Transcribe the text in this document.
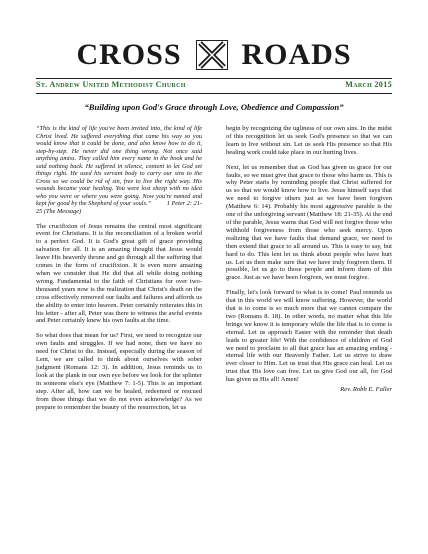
CROSS ROADS
St. Andrew United Methodist Church	March 2015
“Building upon God's Grace through Love, Obedience and Compassion”

“This is the kind of life you've been invited into, the kind of life Christ lived. He suffered everything that came his way so you would know that it could be done, and also know how to do it, step-by-step. He never did one thing wrong. Not once said anything amiss. They called him every name in the book and he said nothing back. He suffered in silence, content to let God set things right. He used his servant body to carry our sins to the Cross so we could be rid of sin, free to live the right way. His wounds became your healing. You were lost sheep with no idea who you were or where you were going. Now you're named and kept for good by the Shepherd of your souls.” 1 Peter 2: 21-25 (The Message)

The crucifixion of Jesus remains the central most significant event for Christians. It is the reconciliation of a broken world to a perfect God. It is God's great gift of grace providing salvation for all. It is an amazing thought that Jesus would leave His heavenly throne and go through all the suffering that comes in the form of crucifixion. It is even more amazing when we consider that He did that all while doing nothing wrong. Fundamental to the faith of Christians for over two-thousand years now is the realization that Christ's death on the cross effectively removed our faults and failures and affords us the ability to enter into heaven. Peter certainly reiterates this in his letter - after all, Peter was there to witness the awful events and Peter certainly knew his own faults at the time.

So what does that mean for us? First, we need to recognize our own faults and struggles. If we had none, then we have no need for Christ to die. Instead, especially during the season of Lent, we are called to think about ourselves with sober judgment (Romans 12: 3). In addition, Jesus reminds us to look at the plank in our own eye before we look for the splinter in someone else's eye (Matthew 7: 1-5). This is an important step. After all, how can we be healed, redeemed or rescued from those things that we do not even acknowledge? As we prepare to remember the beauty of the resurrection, let us

begin by recognizing the ugliness of our own sins. In the midst of this recognition let us seek God's presence so that we can learn to live without sin. Let us seek His presence so that His healing work could take place in our hurting lives.

Next, let us remember that as God has given us grace for our faults, so we must give that grace to those who harm us. This is why Peter starts by reminding people that Christ suffered for us so that we would know how to live. Jesus himself says that we need to forgive others just as we have been forgiven (Matthew 6: 14). Probably his most aggressive parable is the one of the unforgiving servant (Matthew 18: 21-35). At the end of the parable, Jesus warns that God will not forgive those who withhold forgiveness from those who seek mercy. Upon realizing that we have faults that demand grace, we need to then extend that grace to all around us. This is easy to say, but hard to do. This lent let us think about people who have hurt us. Let us then make sure that we have truly forgiven them. If possible, let us go to those people and inform them of this grace. Just as we have been forgiven, we must forgive.

Finally, let's look forward to what is to come! Paul reminds us that in this world we will know suffering. However, the world that is to come is so much more that we cannot compare the two (Romans 8. 18). In other words, no matter what this life brings we know it is temporary while the life that is to come is eternal. Let us approach Easter with the reminder that death leads to greater life! With the confidence of children of God we need to proclaim to all that grace has an amazing ending - eternal life with our Heavenly Father. Let us strive to draw ever closer to Him. Let us trust that His grace can heal. Let us trust that His love can free. Let us give God our all, for God has given us His all! Amen!

Rev. Robb E. Faller
